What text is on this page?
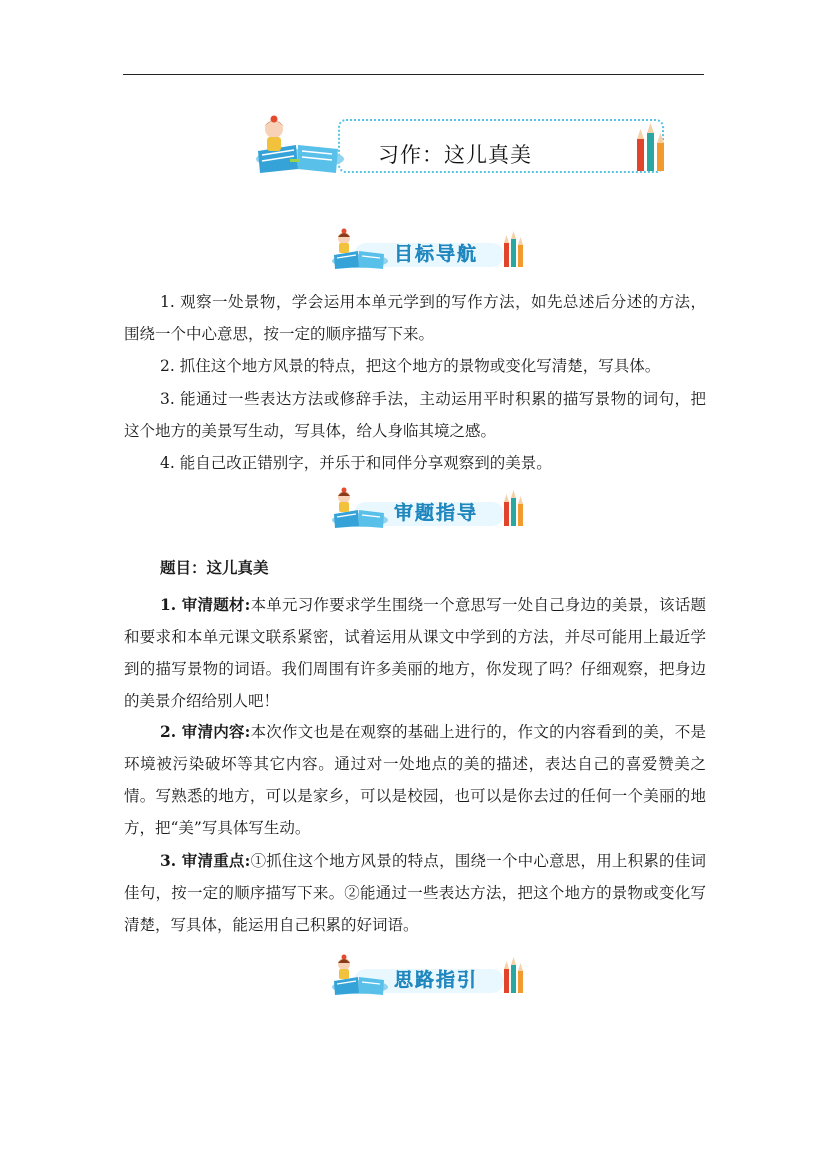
习作：这儿真美
目标导航
1. 观察一处景物，学会运用本单元学到的写作方法，如先总述后分述的方法，围绕一个中心意思，按一定的顺序描写下来。
2. 抓住这个地方风景的特点，把这个地方的景物或变化写清楚，写具体。
3. 能通过一些表达方法或修辞手法，主动运用平时积累的描写景物的词句，把这个地方的美景写生动，写具体，给人身临其境之感。
4. 能自己改正错别字，并乐于和同伴分享观察到的美景。
审题指导
题目：这儿真美
1. 审清题材:本单元习作要求学生围绕一个意思写一处自己身边的美景，该话题和要求和本单元课文联系紧密，试着运用从课文中学到的方法，并尽可能用上最近学到的描写景物的词语。我们周围有许多美丽的地方，你发现了吗？仔细观察，把身边的美景介绍给别人吧！
2. 审清内容:本次作文也是在观察的基础上进行的，作文的内容看到的美，不是环境被污染破坏等其它内容。通过对一处地点的美的描述，表达自己的喜爱赞美之情。写熟悉的地方，可以是家乡，可以是校园，也可以是你去过的任何一个美丽的地方，把“美”写具体写生动。
3. 审清重点:①抓住这个地方风景的特点，围绕一个中心意思，用上积累的佳词佳句，按一定的顺序描写下来。②能通过一些表达方法，把这个地方的景物或变化写清楚，写具体，能运用自己积累的好词语。
思路指引
